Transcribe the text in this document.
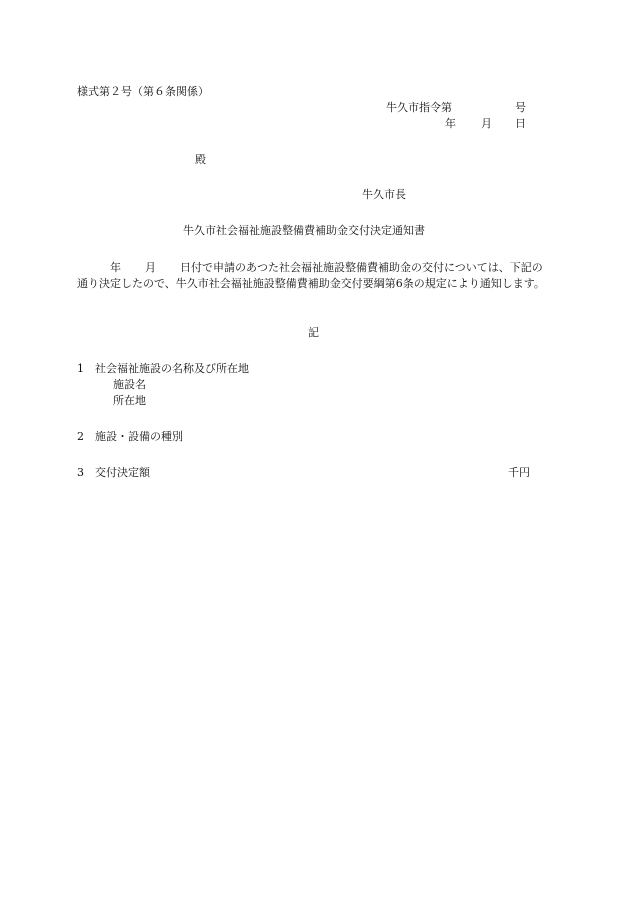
様式第２号（第６条関係）
牛久市指令第	号
年 月 日
殿
牛久市長
牛久市社会福祉施設整備費補助金交付決定通知書
年 月 日付で申請のあつた社会福祉施設整備費補助金の交付については、下記の通り決定したので、牛久市社会福祉施設整備費補助金交付要綱第6条の規定により通知します。
記
1 社会福祉施設の名称及び所在地
施設名
所在地
2 施設・設備の種別
3 交付決定額	千円
